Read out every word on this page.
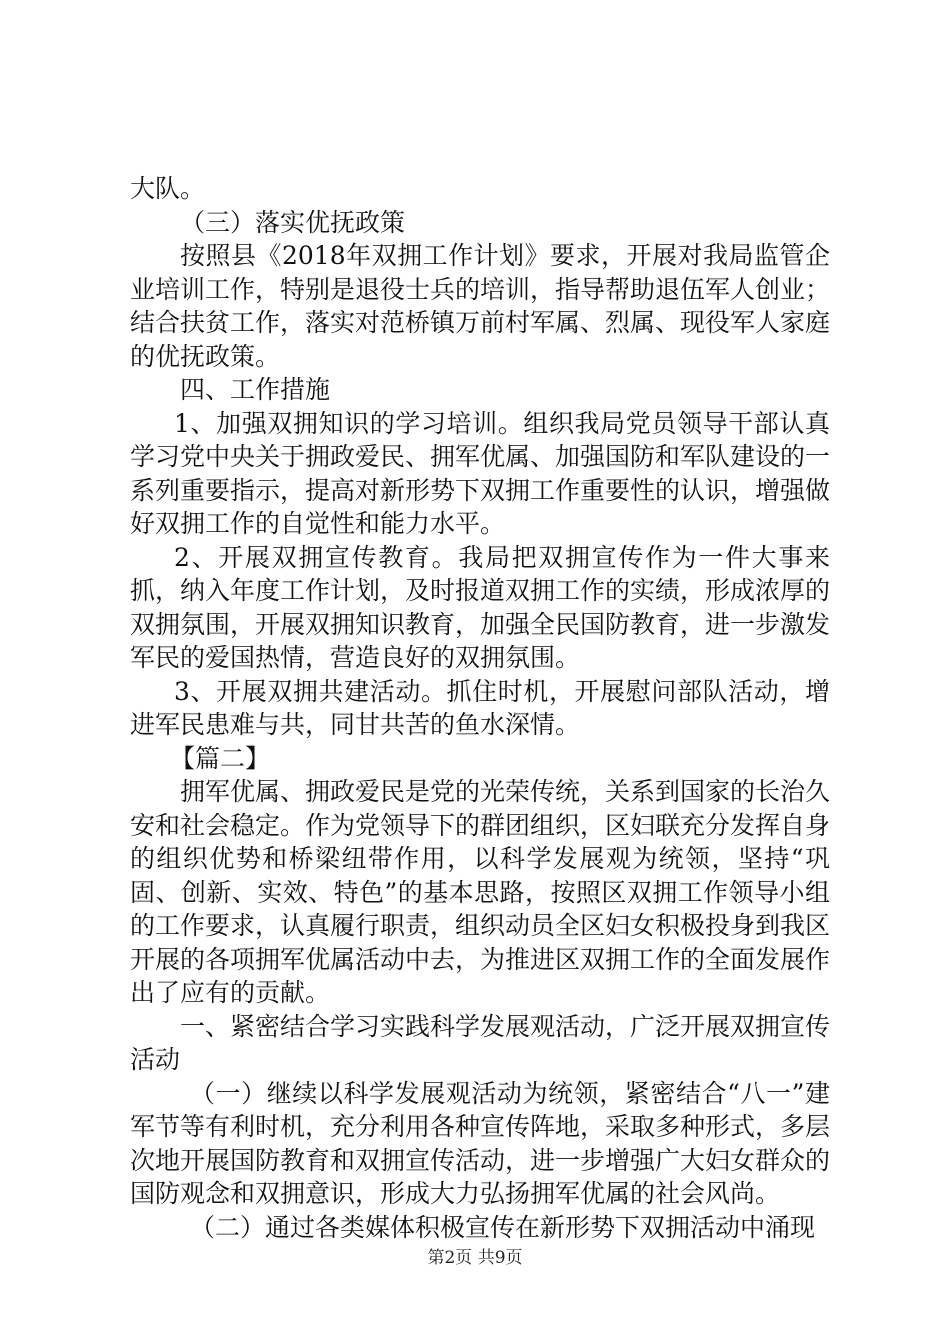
大队。

（三）落实优抚政策

按照县《2018年双拥工作计划》要求，开展对我局监管企业培训工作，特别是退役士兵的培训，指导帮助退伍军人创业；结合扶贫工作，落实对范桥镇万前村军属、烈属、现役军人家庭的优抚政策。

四、工作措施

1、加强双拥知识的学习培训。组织我局党员领导干部认真学习党中央关于拥政爱民、拥军优属、加强国防和军队建设的一系列重要指示，提高对新形势下双拥工作重要性的认识，增强做好双拥工作的自觉性和能力水平。

2、开展双拥宣传教育。我局把双拥宣传作为一件大事来抓，纳入年度工作计划，及时报道双拥工作的实绩，形成浓厚的双拥氛围，开展双拥知识教育，加强全民国防教育，进一步激发军民的爱国热情，营造良好的双拥氛围。

3、开展双拥共建活动。抓住时机，开展慰问部队活动，增进军民患难与共，同甘共苦的鱼水深情。

【篇二】

拥军优属、拥政爱民是党的光荣传统，关系到国家的长治久安和社会稳定。作为党领导下的群团组织，区妇联充分发挥自身的组织优势和桥梁纽带作用，以科学发展观为统领，坚持“巩固、创新、实效、特色”的基本思路，按照区双拥工作领导小组的工作要求，认真履行职责，组织动员全区妇女积极投身到我区开展的各项拥军优属活动中去，为推进区双拥工作的全面发展作出了应有的贡献。

一、紧密结合学习实践科学发展观活动，广泛开展双拥宣传活动

（一）继续以科学发展观活动为统领，紧密结合“八一”建军节等有利时机，充分利用各种宣传阵地，采取多种形式，多层次地开展国防教育和双拥宣传活动，进一步增强广大妇女群众的国防观念和双拥意识，形成大力弘扬拥军优属的社会风尚。

（二）通过各类媒体积极宣传在新形势下双拥活动中涌现

第2页 共9页
